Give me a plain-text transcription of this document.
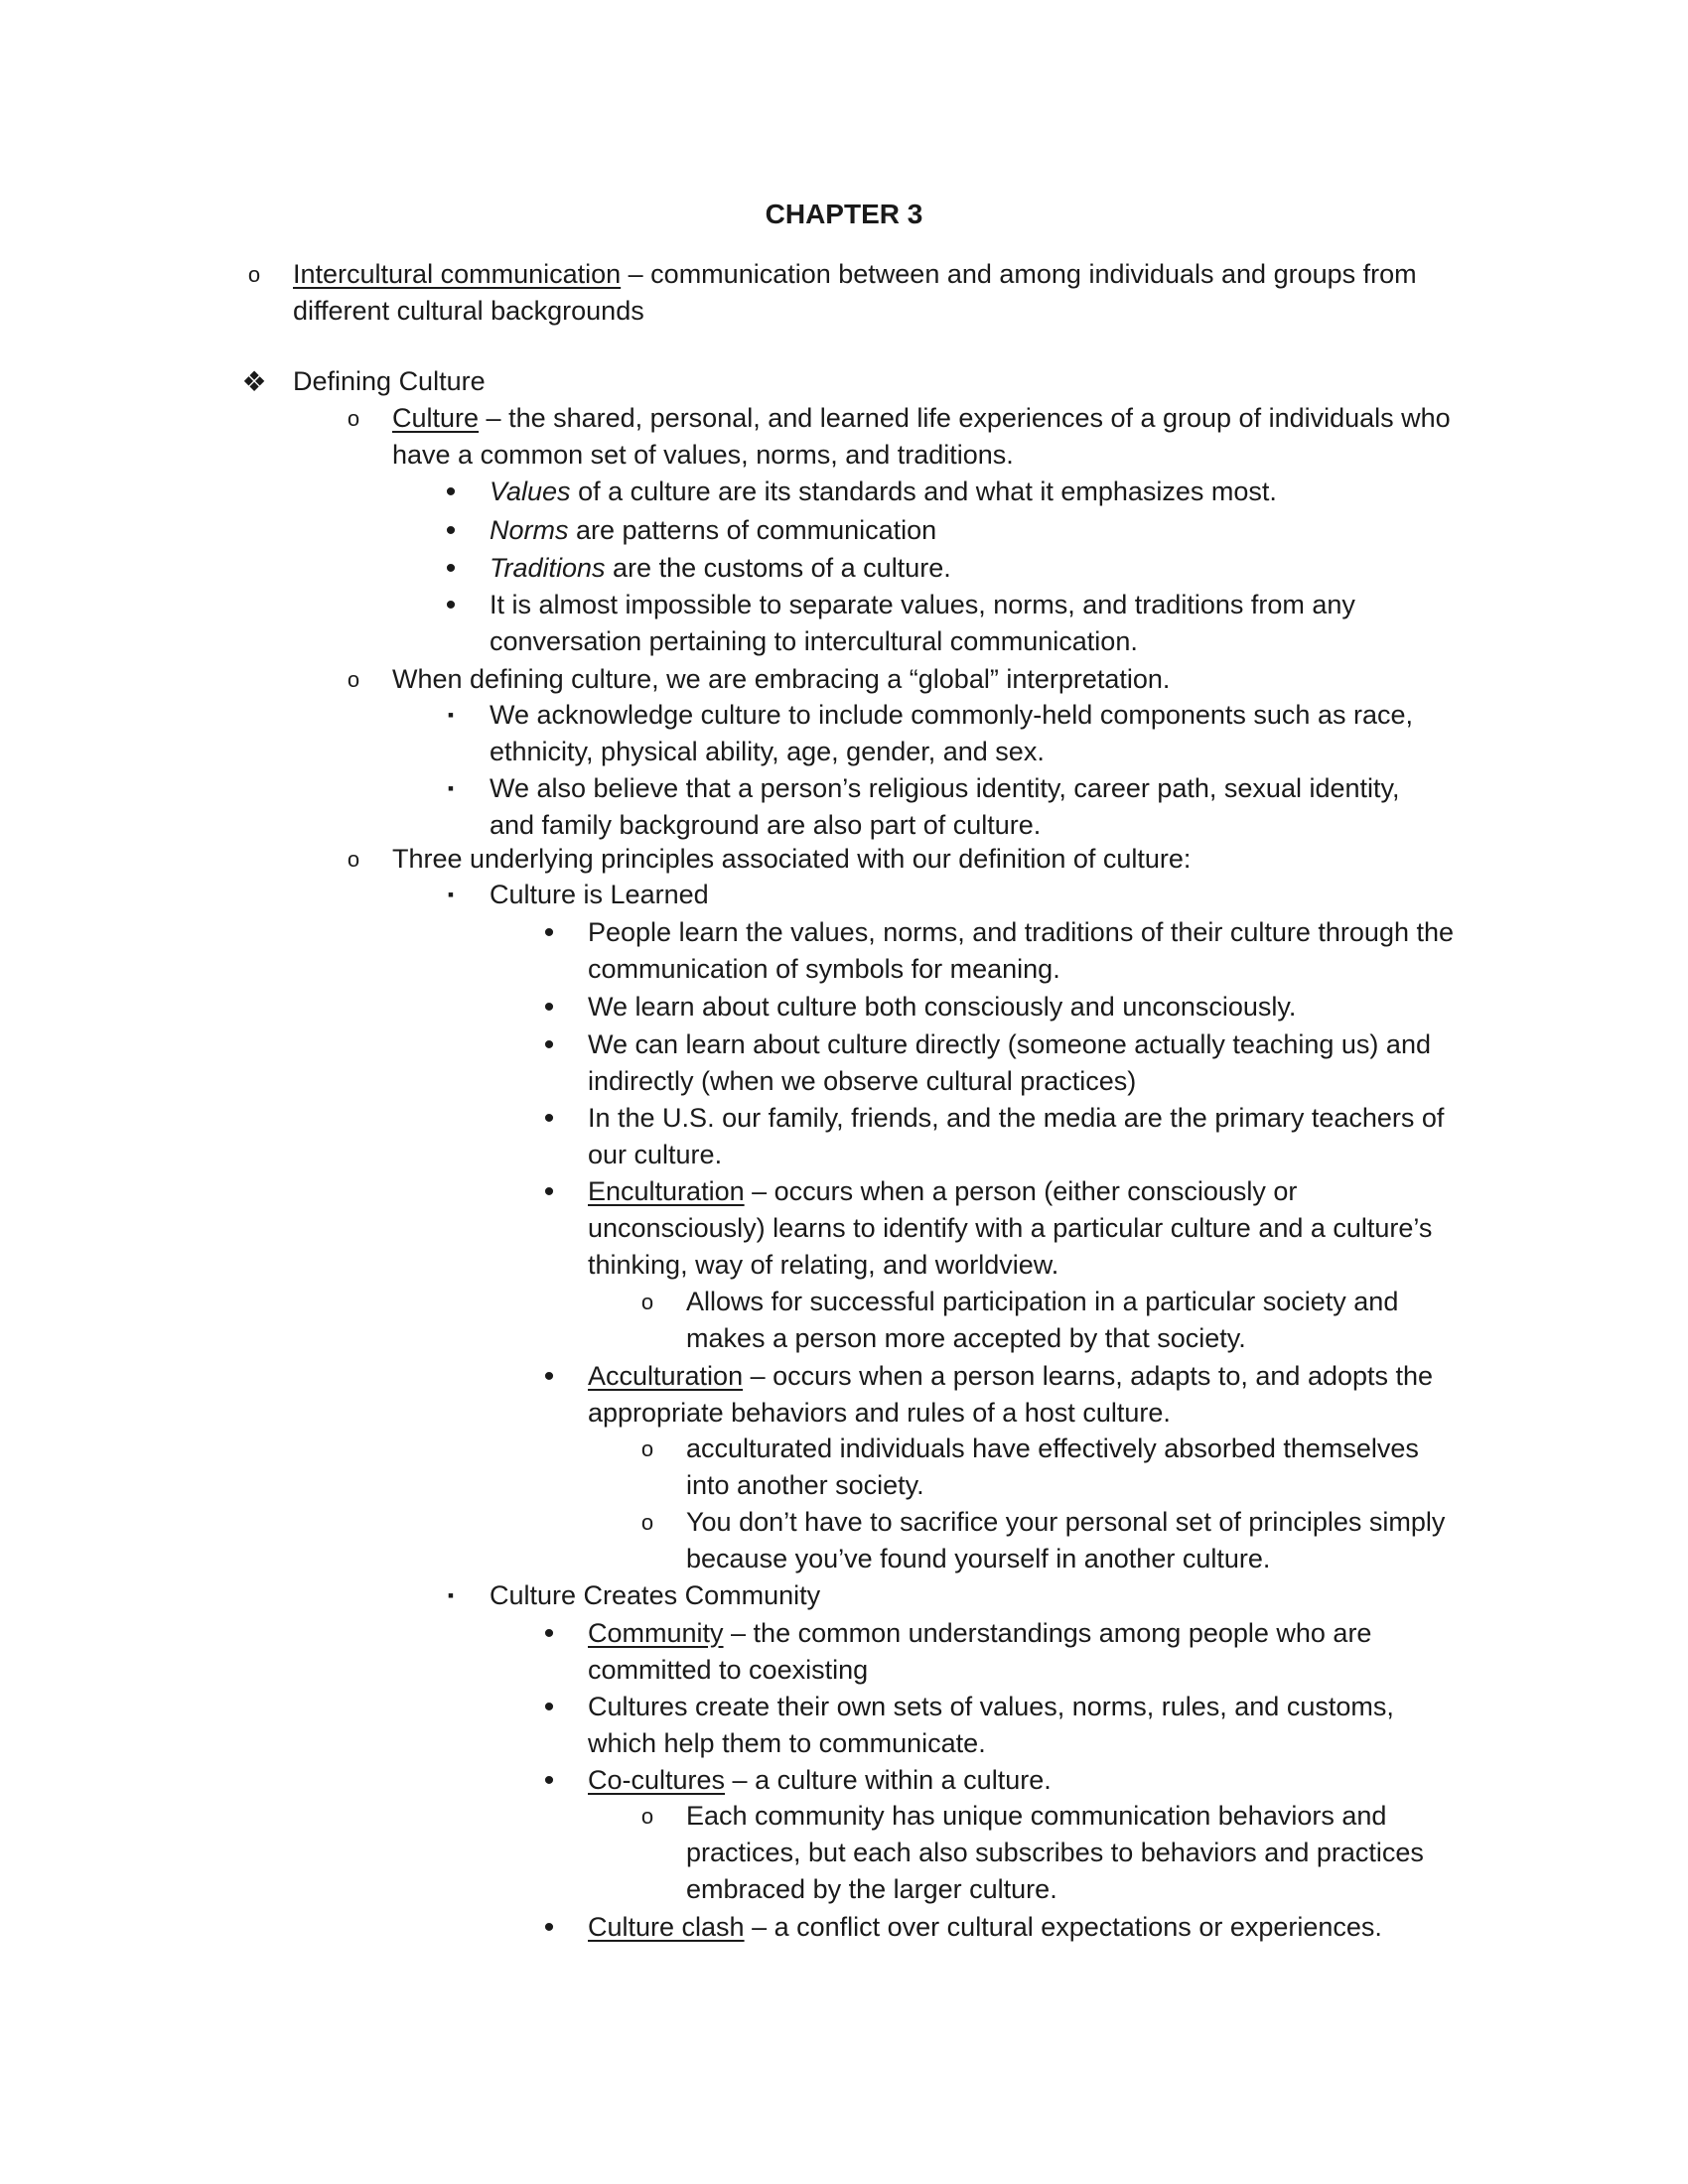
CHAPTER 3
o	Intercultural communication – communication between and among individuals and groups from
different cultural backgrounds
❖ Defining Culture
o	Culture – the shared, personal, and learned life experiences of a group of individuals who
have a common set of values, norms, and traditions.
•	Values of a culture are its standards and what it emphasizes most.
•	Norms are patterns of communication
•	Traditions are the customs of a culture.
•	It is almost impossible to separate values, norms, and traditions from any
conversation pertaining to intercultural communication.
o	When defining culture, we are embracing a “global” interpretation.
▪	We acknowledge culture to include commonly-held components such as race,
ethnicity, physical ability, age, gender, and sex.
▪	We also believe that a person’s religious identity, career path, sexual identity,
and family background are also part of culture.
o	Three underlying principles associated with our definition of culture:
▪	Culture is Learned
•	People learn the values, norms, and traditions of their culture through the
communication of symbols for meaning.
•	We learn about culture both consciously and unconsciously.
•	We can learn about culture directly (someone actually teaching us) and
indirectly (when we observe cultural practices)
•	In the U.S. our family, friends, and the media are the primary teachers of
our culture.
•	Enculturation – occurs when a person (either consciously or
unconsciously) learns to identify with a particular culture and a culture’s
thinking, way of relating, and worldview.
o	Allows for successful participation in a particular society and
makes a person more accepted by that society.
•	Acculturation – occurs when a person learns, adapts to, and adopts the
appropriate behaviors and rules of a host culture.
o	acculturated individuals have effectively absorbed themselves
into another society.
o	You don’t have to sacrifice your personal set of principles simply
because you’ve found yourself in another culture.
▪	Culture Creates Community
•	Community – the common understandings among people who are
committed to coexisting
•	Cultures create their own sets of values, norms, rules, and customs,
which help them to communicate.
•	Co-cultures – a culture within a culture.
o	Each community has unique communication behaviors and
practices, but each also subscribes to behaviors and practices
embraced by the larger culture.
•	Culture clash – a conflict over cultural expectations or experiences.
